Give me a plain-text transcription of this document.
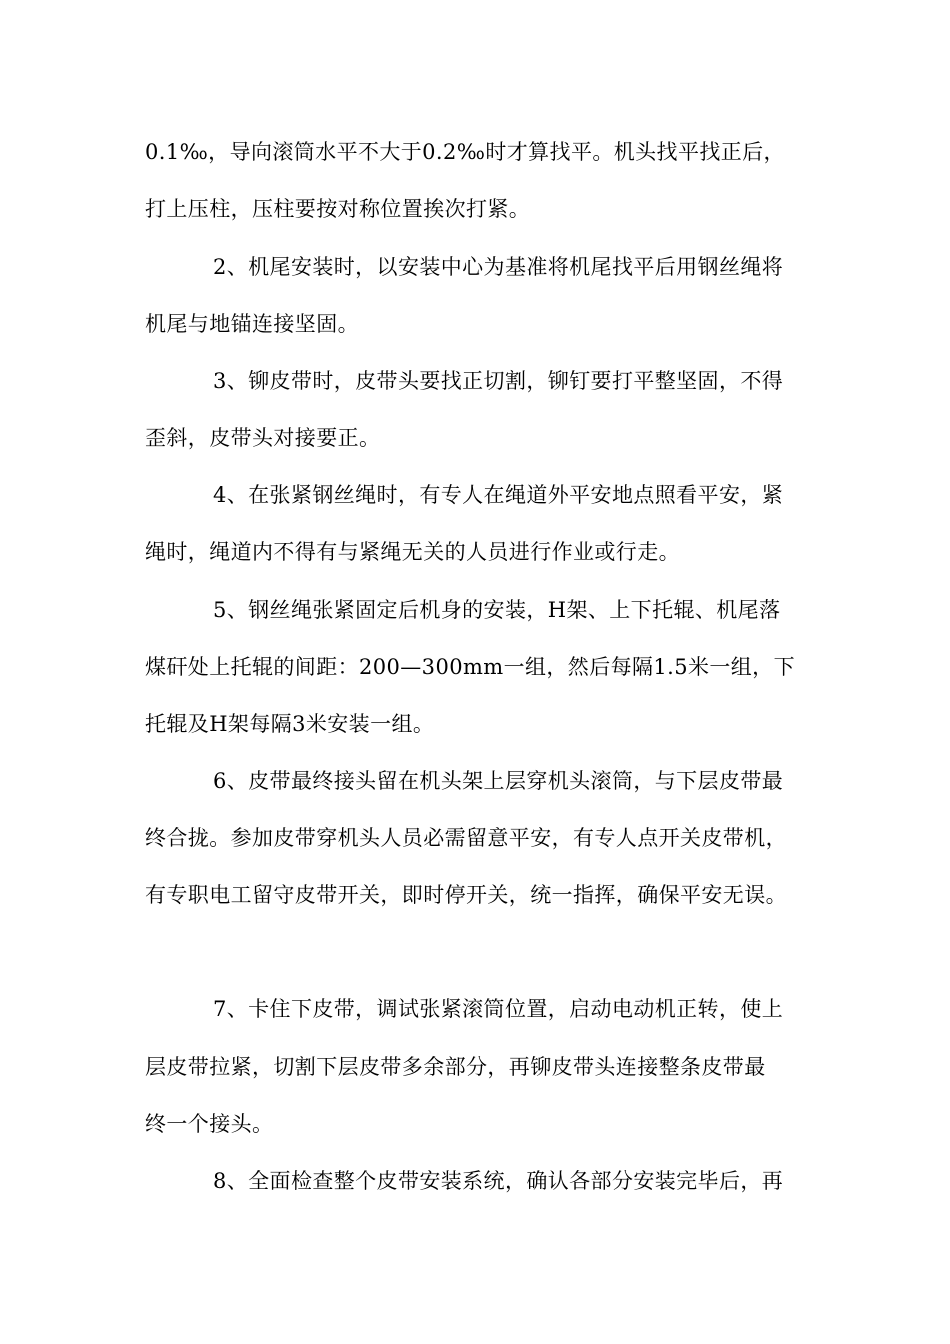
0.1‰，导向滚筒水平不大于0.2‰时才算找平。机头找平找正后，
打上压柱，压柱要按对称位置挨次打紧。
2、机尾安装时，以安装中心为基准将机尾找平后用钢丝绳将
机尾与地锚连接坚固。
3、铆皮带时，皮带头要找正切割，铆钉要打平整坚固，不得
歪斜，皮带头对接要正。
4、在张紧钢丝绳时，有专人在绳道外平安地点照看平安，紧
绳时，绳道内不得有与紧绳无关的人员进行作业或行走。
5、钢丝绳张紧固定后机身的安装，H架、上下托辊、机尾落
煤矸处上托辊的间距：200—300mm一组，然后每隔1.5米一组，下
托辊及H架每隔3米安装一组。
6、皮带最终接头留在机头架上层穿机头滚筒，与下层皮带最
终合拢。参加皮带穿机头人员必需留意平安，有专人点开关皮带机，
有专职电工留守皮带开关，即时停开关，统一指挥，确保平安无误。
7、卡住下皮带，调试张紧滚筒位置，启动电动机正转，使上
层皮带拉紧，切割下层皮带多余部分，再铆皮带头连接整条皮带最
终一个接头。
8、全面检查整个皮带安装系统，确认各部分安装完毕后，再
